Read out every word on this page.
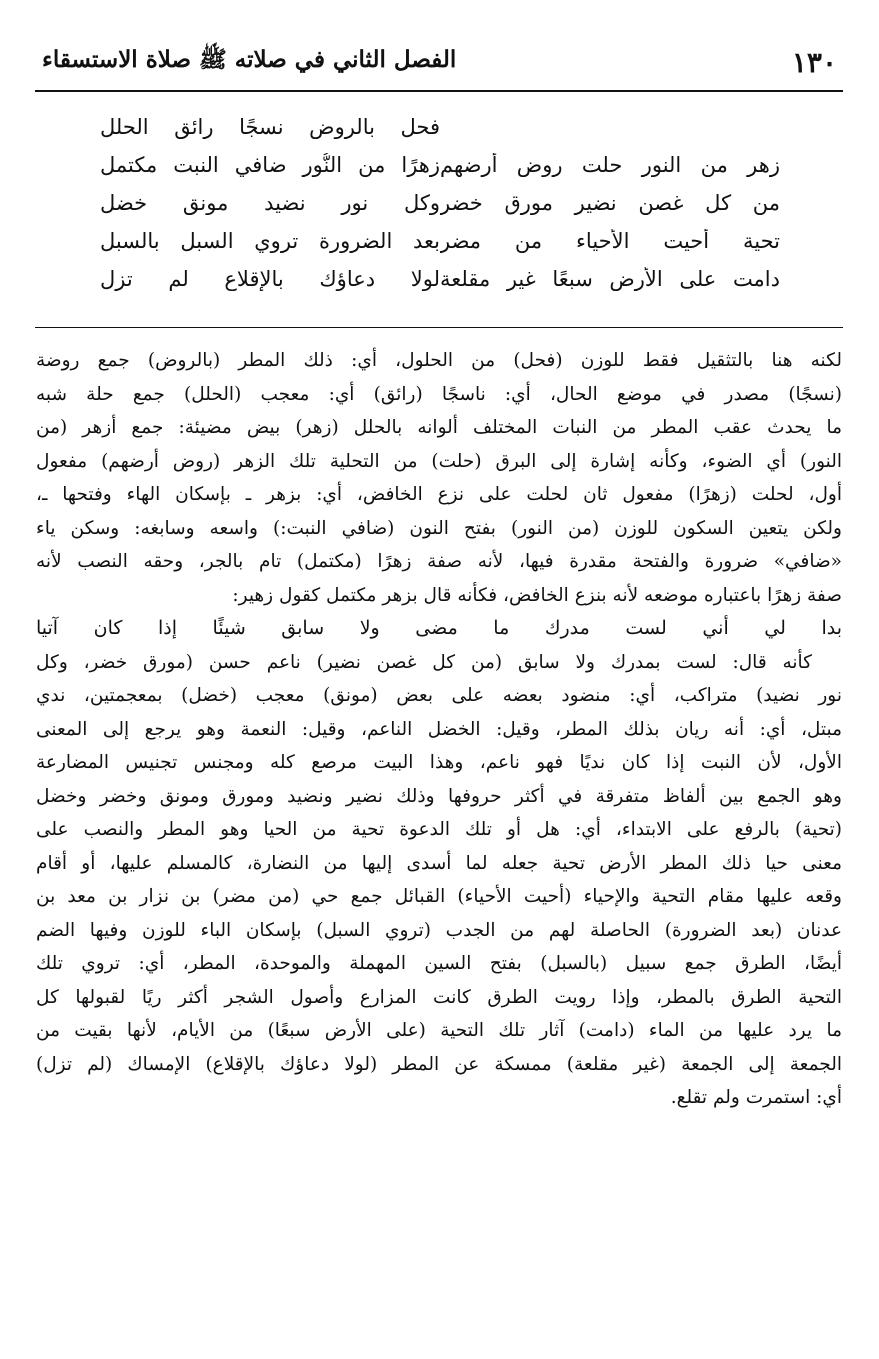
الفصل الثاني في صلاته ﷺ صلاة الاستسقاء	١٣٠
فحل بالروض نسجًا رائق الحلل
زهر من النور حلت روض أرضهم
زهرًا من النُّور ضافي النبت مكتمل
من كل غصن نضير مورق خضر
وكل نور نضيد مونق خضل
تحية أحيت الأحياء من مضر
بعد الضرورة تروي السبل بالسبل
دامت على الأرض سبعًا غير مقلعة
لولا دعاؤك بالإقلاع لم تزل
لكنه هنا بالتثقيل فقط للوزن (فحل) من الحلول، أي: ذلك المطر (بالروض) جمع روضة
(نسجًا) مصدر في موضع الحال، أي: ناسجًا (رائق) أي: معجب (الحلل) جمع حلة شبه
ما يحدث عقب المطر من النبات المختلف ألوانه بالحلل (زهر) بيض مضيئة: جمع أزهر (من
النور) أي الضوء، وكأنه إشارة إلى البرق (حلت) من التحلية تلك الزهر (روض أرضهم) مفعول
أول، لحلت (زهرًا) مفعول ثان لحلت على نزع الخافض، أي: بزهر ـ بإسكان الهاء وفتحها ـ،
ولكن يتعين السكون للوزن (من النور) بفتح النون (ضافي النبت:) واسعه وسابغه: وسكن ياء
«ضافي» ضرورة والفتحة مقدرة فيها، لأنه صفة زهرًا (مكتمل) تام بالجر، وحقه النصب لأنه
صفة زهرًا باعتباره موضعه لأنه بنزع الخافض، فكأنه قال بزهر مكتمل كقول زهير:
بدا لي أني لست مدرك ما مضى ولا سابق شيئًا إذا كان آتيا
كأنه قال: لست بمدرك ولا سابق (من كل غصن نضير) ناعم حسن (مورق خضر، وكل
نور نضيد) متراكب، أي: منضود بعضه على بعض (مونق) معجب (خضل) بمعجمتين، ندي
مبتل، أي: أنه ريان بذلك المطر، وقيل: الخضل الناعم، وقيل: النعمة وهو يرجع إلى المعنى
الأول، لأن النبت إذا كان نديًا فهو ناعم، وهذا البيت مرصع كله ومجنس تجنيس المضارعة
وهو الجمع بين ألفاظ متفرقة في أكثر حروفها وذلك نضير ونضيد ومورق ومونق وخضر وخضل
(تحية) بالرفع على الابتداء، أي: هل أو تلك الدعوة تحية من الحيا وهو المطر والنصب على
معنى حيا ذلك المطر الأرض تحية جعله لما أسدى إليها من النضارة، كالمسلم عليها، أو أقام
وقعه عليها مقام التحية والإحياء (أحيت الأحياء) القبائل جمع حي (من مضر) بن نزار بن معد بن
عدنان (بعد الضرورة) الحاصلة لهم من الجدب (تروي السبل) بإسكان الباء للوزن وفيها الضم
أيضًا، الطرق جمع سبيل (بالسبل) بفتح السين المهملة والموحدة، المطر، أي: تروي تلك
التحية الطرق بالمطر، وإذا رويت الطرق كانت المزارع وأصول الشجر أكثر ريًا لقبولها كل
ما يرد عليها من الماء (دامت) آثار تلك التحية (على الأرض سبعًا) من الأيام، لأنها بقيت من
الجمعة إلى الجمعة (غير مقلعة) ممسكة عن المطر (لولا دعاؤك بالإقلاع) الإمساك (لم تزل)
أي: استمرت ولم تقلع.
